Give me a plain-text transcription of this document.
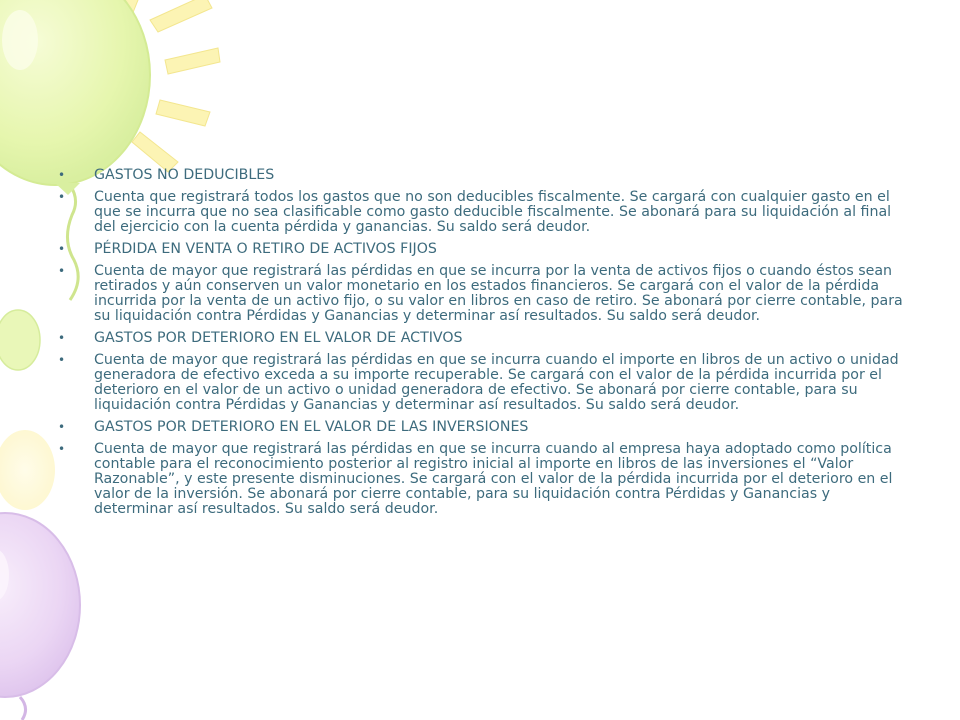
• GASTOS NO DEDUCIBLES
• Cuenta que registrará todos los gastos que no son deducibles fiscalmente. Se cargará con cualquier gasto en el que se incurra que no sea clasificable como gasto deducible fiscalmente. Se abonará para su liquidación al final del ejercicio con la cuenta pérdida y ganancias. Su saldo será deudor.
• PÉRDIDA EN VENTA O RETIRO DE ACTIVOS FIJOS
• Cuenta de mayor que registrará las pérdidas en que se incurra por la venta de activos fijos o cuando éstos sean retirados y aún conserven un valor monetario en los estados financieros. Se cargará con el valor de la pérdida incurrida por la venta de un activo fijo, o su valor en libros en caso de retiro. Se abonará por cierre contable, para su liquidación contra Pérdidas y Ganancias y determinar así resultados. Su saldo será deudor.
• GASTOS POR DETERIORO EN EL VALOR DE ACTIVOS
• Cuenta de mayor que registrará las pérdidas en que se incurra cuando el importe en libros de un activo o unidad generadora de efectivo exceda a su importe recuperable. Se cargará con el valor de la pérdida incurrida por el deterioro en el valor de un activo o unidad generadora de efectivo. Se abonará por cierre contable, para su liquidación contra Pérdidas y Ganancias y determinar así resultados. Su saldo será deudor.
• GASTOS POR DETERIORO EN EL VALOR DE LAS INVERSIONES
• Cuenta de mayor que registrará las pérdidas en que se incurra cuando al empresa haya adoptado como política contable para el reconocimiento posterior al registro inicial al importe en libros de las inversiones el “Valor Razonable”, y este presente disminuciones. Se cargará con el valor de la pérdida incurrida por el deterioro en el valor de la inversión. Se abonará por cierre contable, para su liquidación contra Pérdidas y Ganancias y determinar así resultados. Su saldo será deudor.
